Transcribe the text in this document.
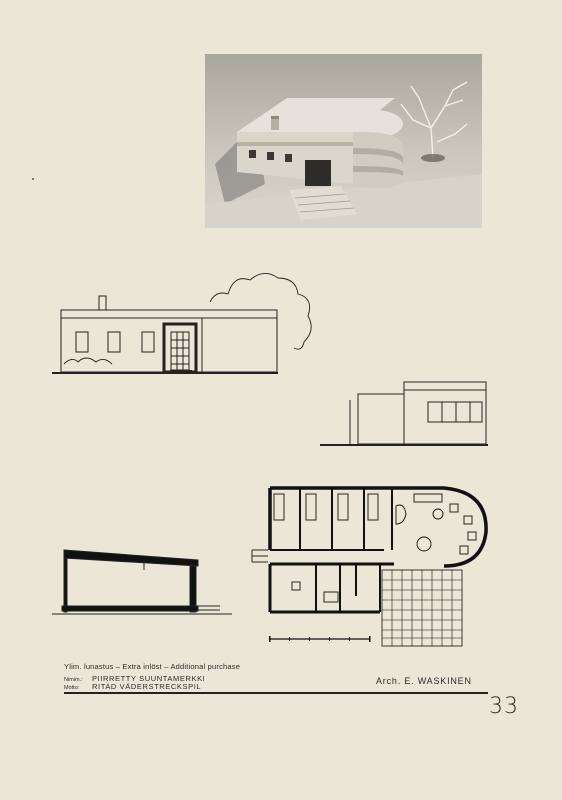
Ylim. lunastus – Extra inlöst – Additional purchase
Nimim.: PIIRRETTY SUUNTAMERKKI
Motto: RITAD VÄDERSTRECKSPIL
Arch. E. WASKINEN
33
